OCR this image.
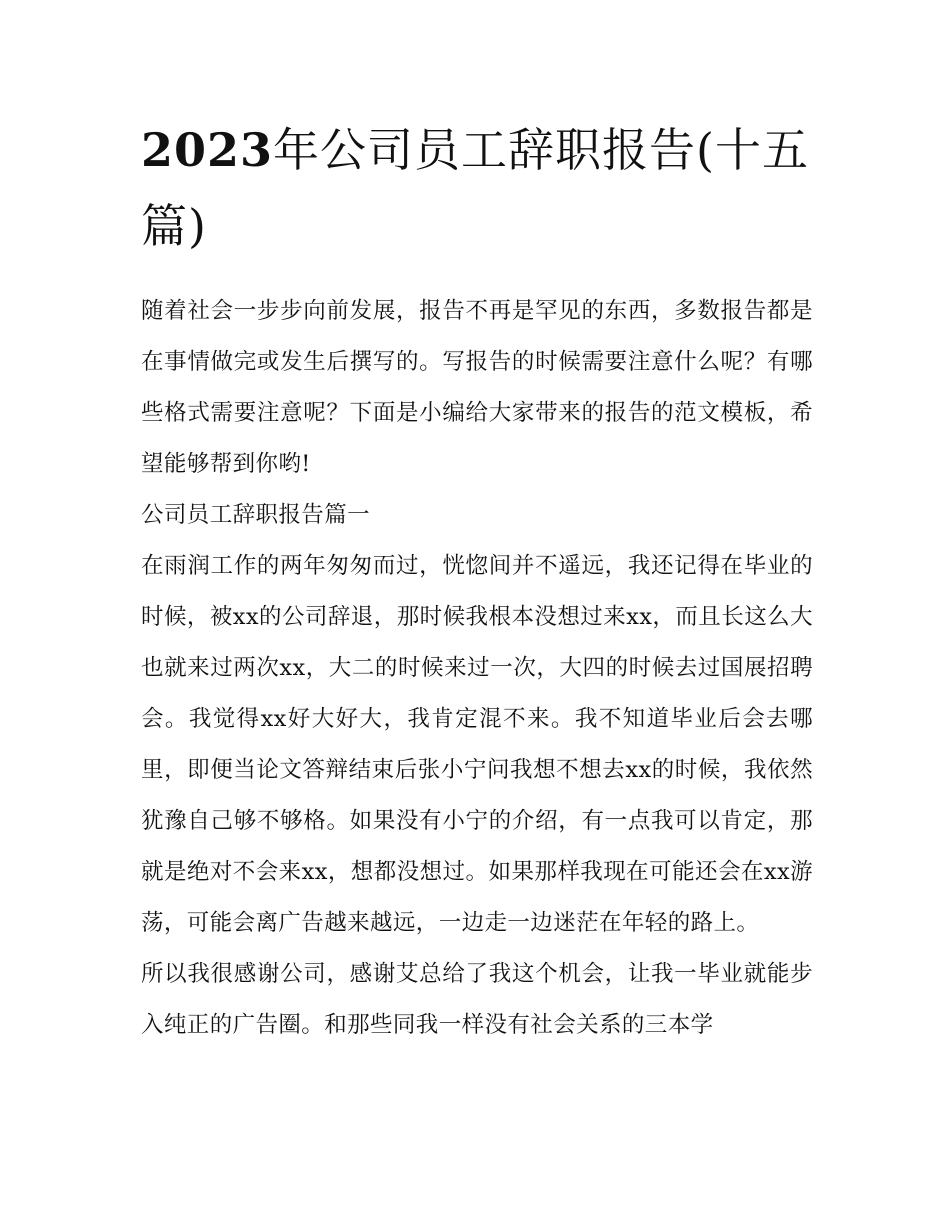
2023年公司员工辞职报告(十五篇)

随着社会一步步向前发展，报告不再是罕见的东西，多数报告都是在事情做完或发生后撰写的。写报告的时候需要注意什么呢？有哪些格式需要注意呢？下面是小编给大家带来的报告的范文模板，希望能够帮到你哟!

公司员工辞职报告篇一

在雨润工作的两年匆匆而过，恍惚间并不遥远，我还记得在毕业的时候，被xx的公司辞退，那时候我根本没想过来xx，而且长这么大也就来过两次xx，大二的时候来过一次，大四的时候去过国展招聘会。我觉得xx好大好大，我肯定混不来。我不知道毕业后会去哪里，即便当论文答辩结束后张小宁问我想不想去xx的时候，我依然犹豫自己够不够格。如果没有小宁的介绍，有一点我可以肯定，那就是绝对不会来xx，想都没想过。如果那样我现在可能还会在xx游荡，可能会离广告越来越远，一边走一边迷茫在年轻的路上。

所以我很感谢公司，感谢艾总给了我这个机会，让我一毕业就能步入纯正的广告圈。和那些同我一样没有社会关系的三本学
